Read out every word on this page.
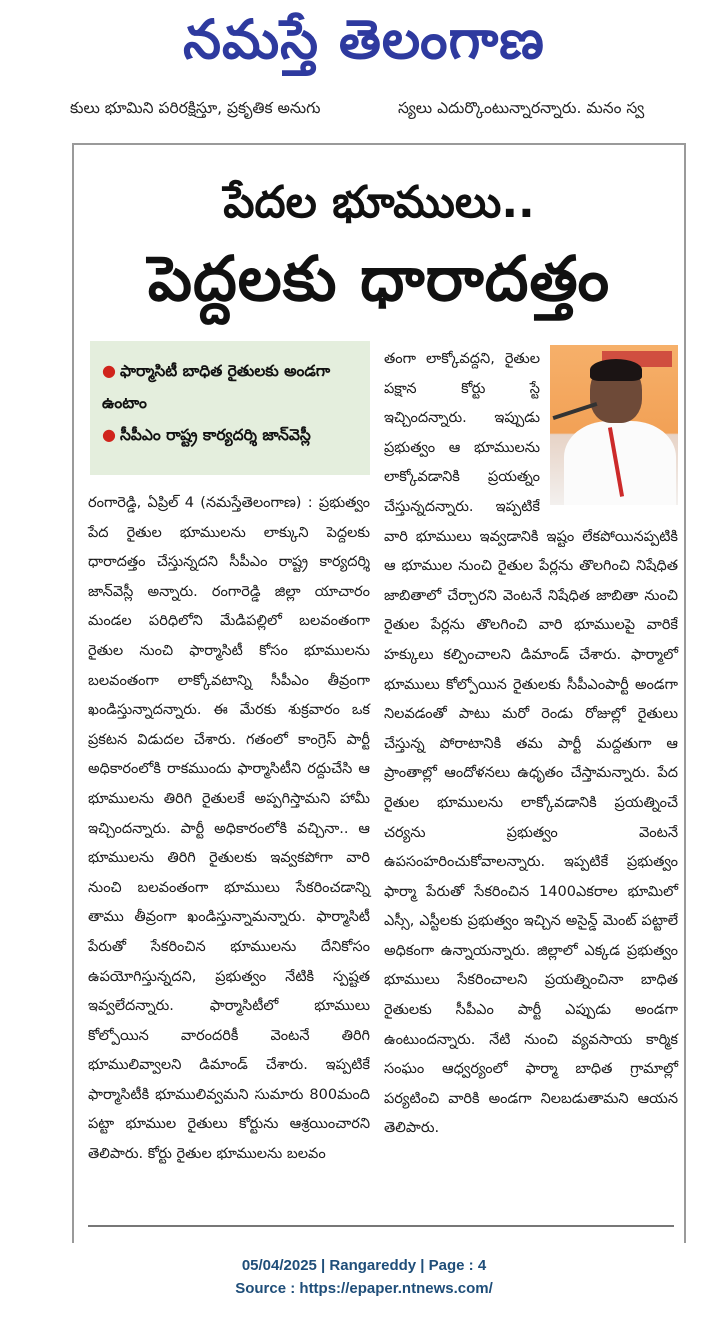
నమస్తే తెలంగాణ
కులు భూమిని పరిరక్షిస్తూ, ప్రకృతిక అనుగు	స్యలు ఎదుర్కొంటున్నారన్నారు. మనం స్వ
పేదల భూములు..
పెద్దలకు ధారాదత్తం
● ఫార్మాసిటీ బాధిత రైతులకు అండగా ఉంటాం
● సీపీఎం రాష్ట్ర కార్యదర్శి జాన్‌వెస్లీ
రంగారెడ్డి, ఏప్రిల్ 4 (నమస్తేతెలంగాణ) : ప్రభుత్వం పేద రైతుల భూములను లాక్కుని పెద్దలకు ధారాదత్తం చేస్తున్నదని సీపీఎం రాష్ట్ర కార్యదర్శి జాన్‌వెస్లీ అన్నారు. రంగారెడ్డి జిల్లా యాచారం మండల పరిధిలోని మేడిపల్లిలో బలవంతంగా రైతుల నుంచి ఫార్మాసిటీ కోసం భూములను బలవంతంగా లాక్కోవటాన్ని సీపీఎం తీవ్రంగా ఖండిస్తున్నాదన్నారు. ఈ మేరకు శుక్రవారం ఒక ప్రకటన విడుదల చేశారు. గతంలో కాంగ్రెస్ పార్టీ అధికారంలోకి రాకముందు ఫార్మాసిటీని రద్దుచేసి ఆ భూములను తిరిగి రైతులకే అప్పగిస్తామని హామీ ఇచ్చిందన్నారు. పార్టీ అధికారంలోకి వచ్చినా.. ఆ భూములను తిరిగి రైతులకు ఇవ్వకపోగా వారి నుంచి బలవంతంగా భూములు సేకరించడాన్ని తాము తీవ్రంగా ఖండిస్తున్నామన్నారు. ఫార్మాసిటీ పేరుతో సేకరించిన భూములను దేనికోసం ఉపయోగిస్తున్నదని, ప్రభుత్వం నేటికి స్పష్టత ఇవ్వలేదన్నారు. ఫార్మాసిటీలో భూములు కోల్పోయిన వారందరికీ వెంటనే తిరిగి భూములివ్వాలని డిమాండ్ చేశారు. ఇప్పటికే ఫార్మాసిటీకి భూములివ్వమని సుమారు 800మంది పట్టా భూముల రైతులు కోర్టును ఆశ్రయించారని తెలిపారు. కోర్టు రైతుల భూములను బలవం
తంగా లాక్కోవద్దని, రైతుల పక్షాన కోర్టు స్టే ఇచ్చిందన్నారు. ఇప్పుడు ప్రభుత్వం ఆ భూములను లాక్కోవడానికి ప్రయత్నం చేస్తున్నదన్నారు. ఇప్పటికే వారి భూములు ఇవ్వడానికి ఇష్టం లేకపోయినప్పటికి ఆ భూముల నుంచి రైతుల పేర్లను తొలగించి నిషేధిత జాబితాలో చేర్చారని వెంటనే నిషేధిత జాబితా నుంచి రైతుల పేర్లను తొలగించి వారి భూములపై వారికే హక్కులు కల్పించాలని డిమాండ్ చేశారు. ఫార్మాలో భూములు కోల్పోయిన రైతులకు సీపీఎంపార్టీ అండగా నిలవడంతో పాటు మరో రెండు రోజుల్లో రైతులు చేస్తున్న పోరాటానికి తమ పార్టీ మద్దతుగా ఆ ప్రాంతాల్లో ఆందోళనలు ఉధృతం చేస్తామన్నారు. పేద రైతుల భూములను లాక్కోవడానికి ప్రయత్నించే చర్యను ప్రభుత్వం వెంటనే ఉపసంహరించుకోవాలన్నారు. ఇప్పటికే ప్రభుత్వం ఫార్మా పేరుతో సేకరించిన 1400ఎకరాల భూమిలో ఎస్సీ, ఎస్టీలకు ప్రభుత్వం ఇచ్చిన అసైన్డ్ మెంట్ పట్టాలే అధికంగా ఉన్నాయన్నారు. జిల్లాలో ఎక్కడ ప్రభుత్వం భూములు సేకరించాలని ప్రయత్నించినా బాధిత రైతులకు సీపీఎం పార్టీ ఎప్పుడు అండగా ఉంటుందన్నారు. నేటి నుంచి వ్యవసాయ కార్మిక సంఘం ఆధ్వర్యంలో ఫార్మా బాధిత గ్రామాల్లో పర్యటించి వారికి అండగా నిలబడుతామని ఆయన తెలిపారు.
05/04/2025 | Rangareddy | Page : 4
Source : https://epaper.ntnews.com/
